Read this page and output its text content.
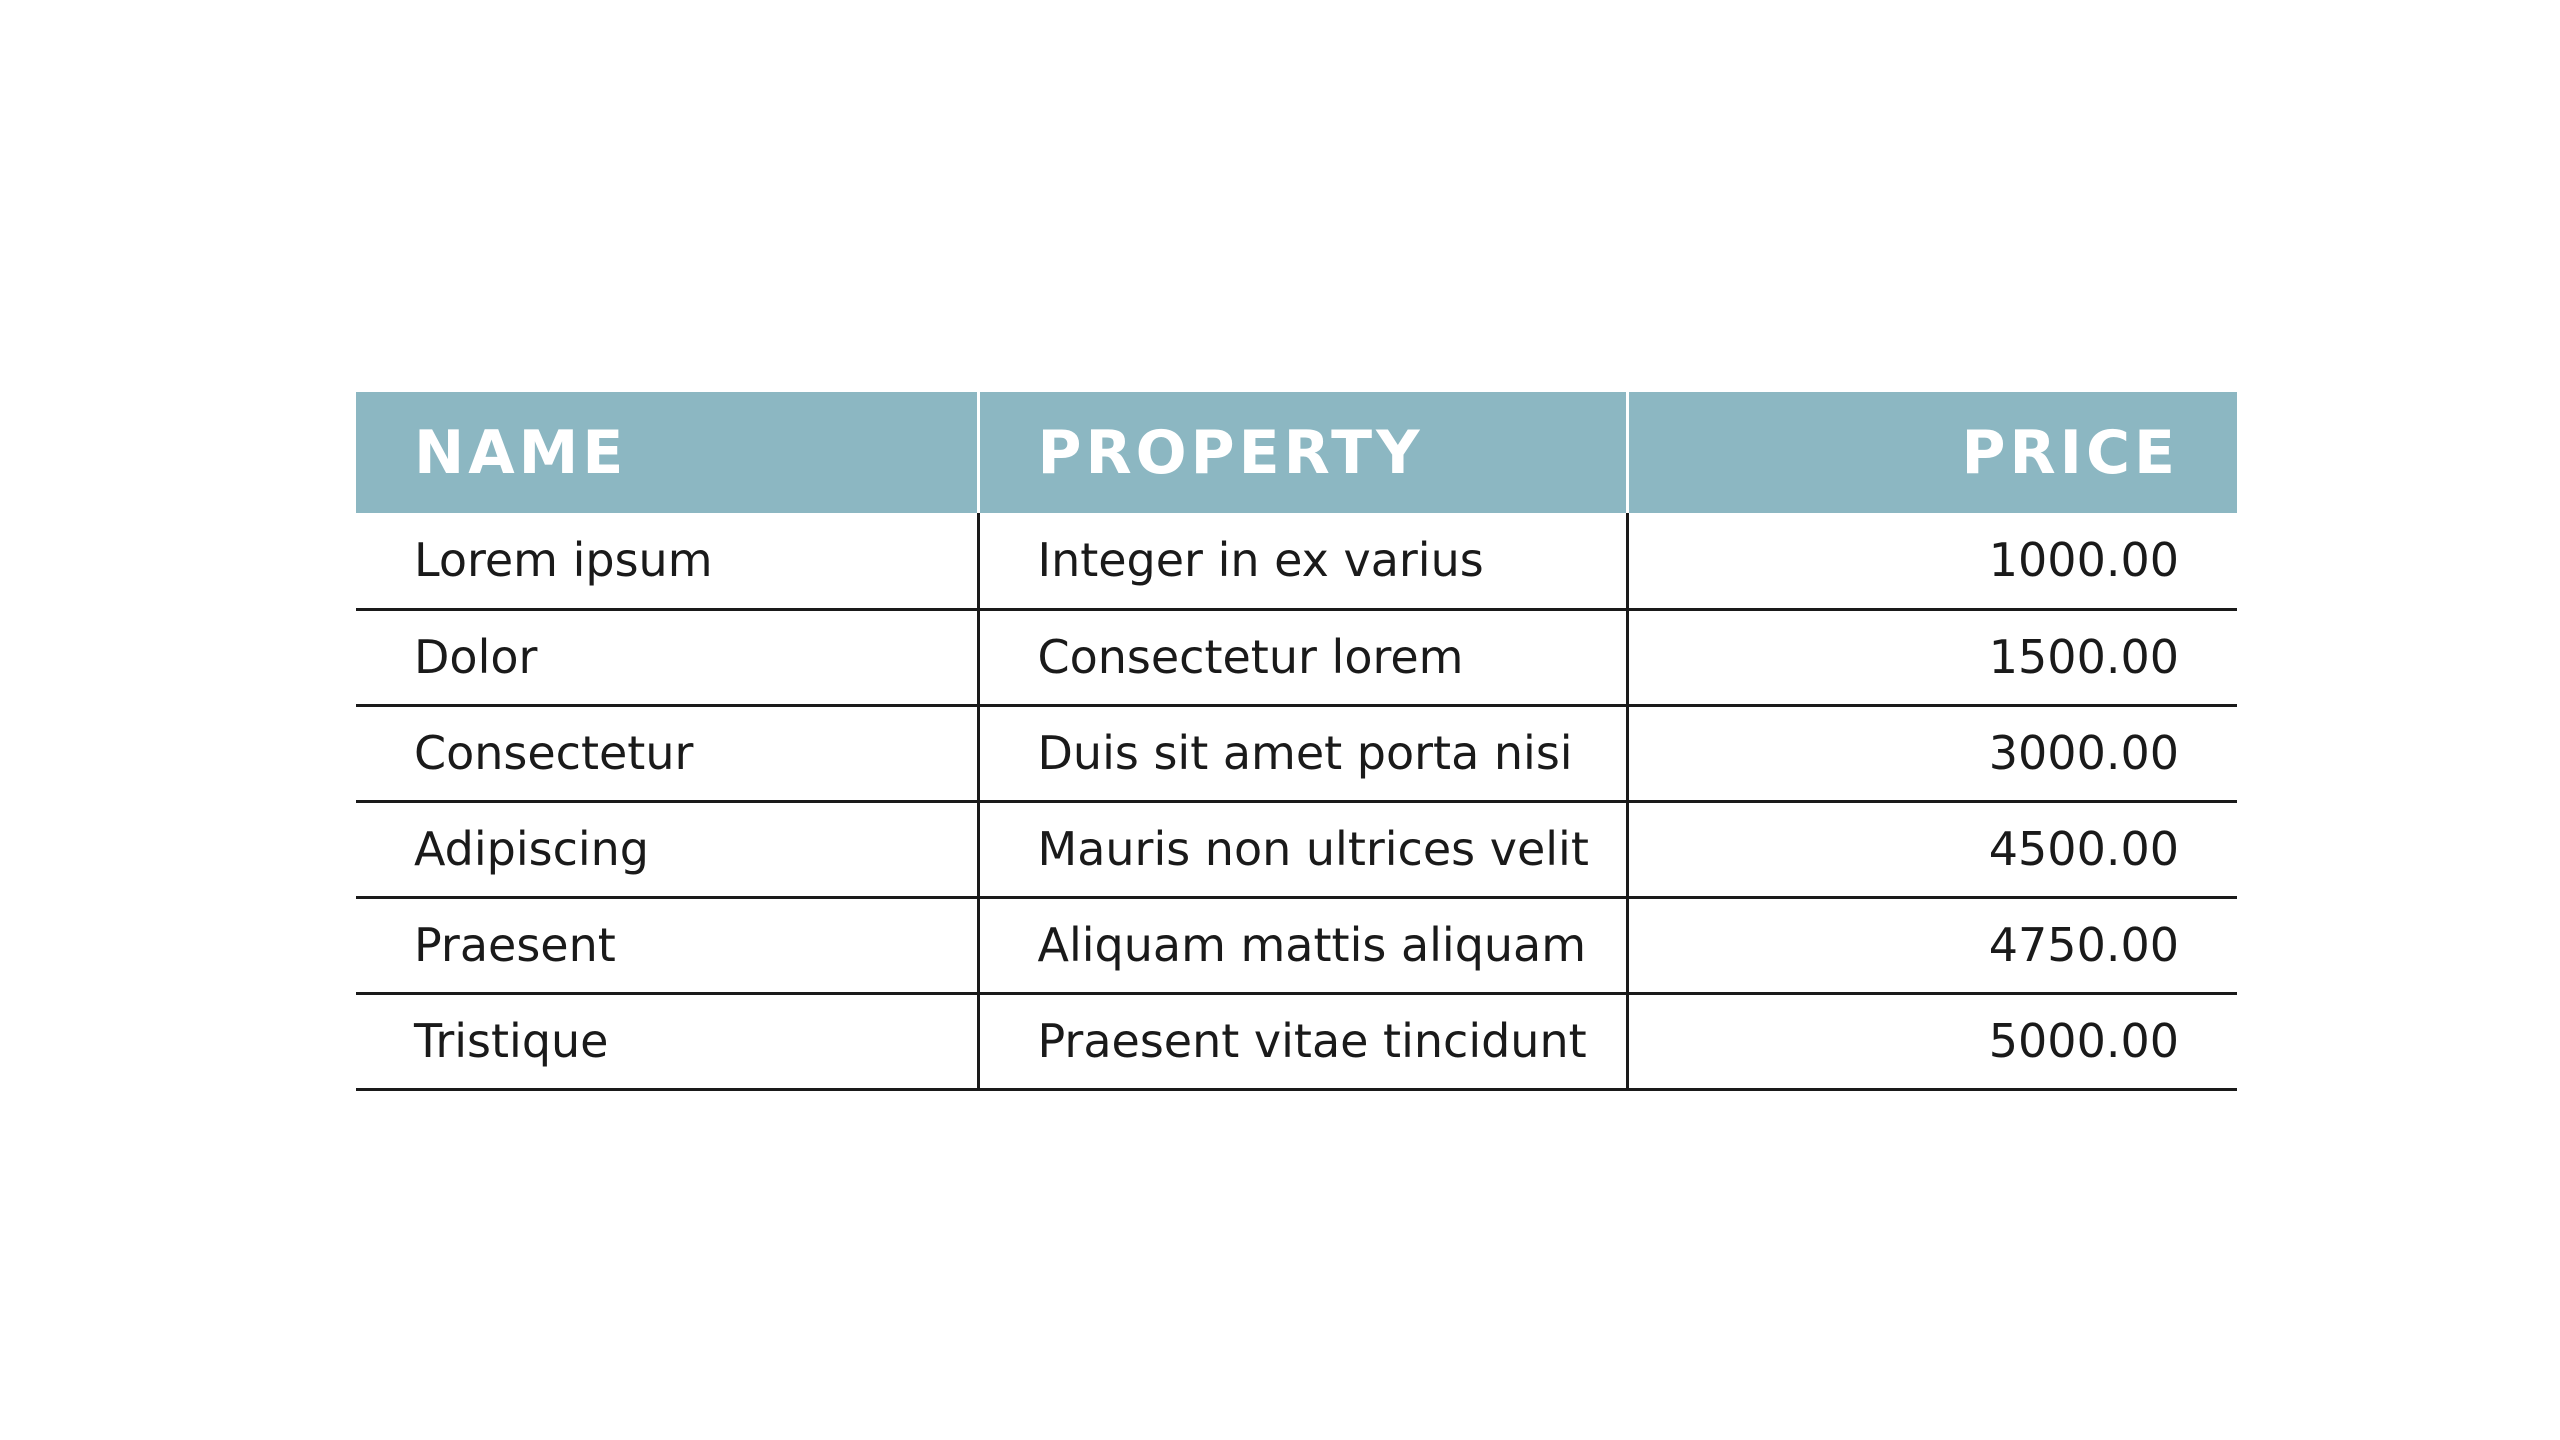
NAME	PROPERTY	PRICE
Lorem ipsum	Integer in ex varius	1000.00
Dolor	Consectetur lorem	1500.00
Consectetur	Duis sit amet porta nisi	3000.00
Adipiscing	Mauris non ultrices velit	4500.00
Praesent	Aliquam mattis aliquam	4750.00
Tristique	Praesent vitae tincidunt	5000.00
